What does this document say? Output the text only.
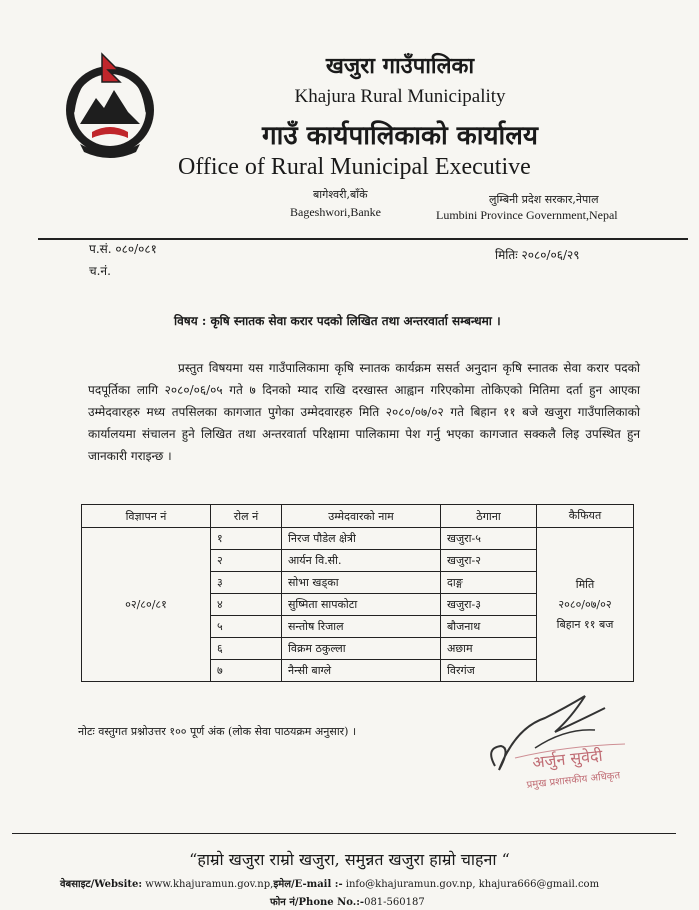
खजुरा गाउँपालिका
Khajura Rural Municipality
गाउँ कार्यपालिकाको कार्यालय
Office of Rural Municipal Executive
बागेश्वरी,बाँके
Bageshwori,Banke
लुम्बिनी प्रदेश सरकार,नेपाल
Lumbini Province Government,Nepal
प.सं. ०८०/०८१
च.नं.
मितिः २०८०/०६/२९
विषय : कृषि स्नातक सेवा करार पदको लिखित तथा अन्तरवार्ता सम्बन्धमा ।
प्रस्तुत विषयमा यस गाउँपालिकामा कृषि स्नातक कार्यक्रम ससर्त अनुदान कृषि स्नातक सेवा करार पदको पदपूर्तिका लागि २०८०/०६/०५ गते ७ दिनको म्याद राखि दरखास्त आह्वान गरिएकोमा तोकिएको मितिमा दर्ता हुन आएका उम्मेदवारहरु मध्य तपसिलका कागजात पुगेका उम्मेदवारहरु मिति २०८०/०७/०२ गते बिहान ११ बजे खजुरा गाउँपालिकाको कार्यालयमा संचालन हुने लिखित तथा अन्तरवार्ता परिक्षामा पालिकामा पेश गर्नु भएका कागजात सक्कलै लिइ उपस्थित हुन जानकारी गराइन्छ ।
विज्ञापन नं	रोल नं	उम्मेदवारको नाम	ठेगाना	कैफियत
०२/८०/८१	१	निरज पौडेल क्षेत्री	खजुरा-५	मिति
२०८०/०७/०२
बिहान ११ बज

	२	आर्यन वि.सी.	खजुरा-२	
	३	सोभा खड्का	दाङ्ग	
	४	सुष्मिता सापकोटा	खजुरा-३	
	५	सन्तोष रिजाल	बौजनाथ	
	६	विक्रम ठकुल्ला	अछाम	
	७	नैन्सी बाग्ले	विरगंज	
नोटः वस्तुगत प्रश्नोउत्तर १०० पूर्ण अंक (लोक सेवा पाठयक्रम अनुसार) ।
अर्जुन सुवेदी
प्रमुख प्रशासकीय अधिकृत
“हाम्रो खजुरा राम्रो खजुरा, समुन्नत खजुरा हाम्रो चाहना “
वेबसाइट/Website: www.khajuramun.gov.np,इमेल/E-mail :- info@khajuramun.gov.np, khajura666@gmail.com
फोन नं/Phone No.:-081-560187
